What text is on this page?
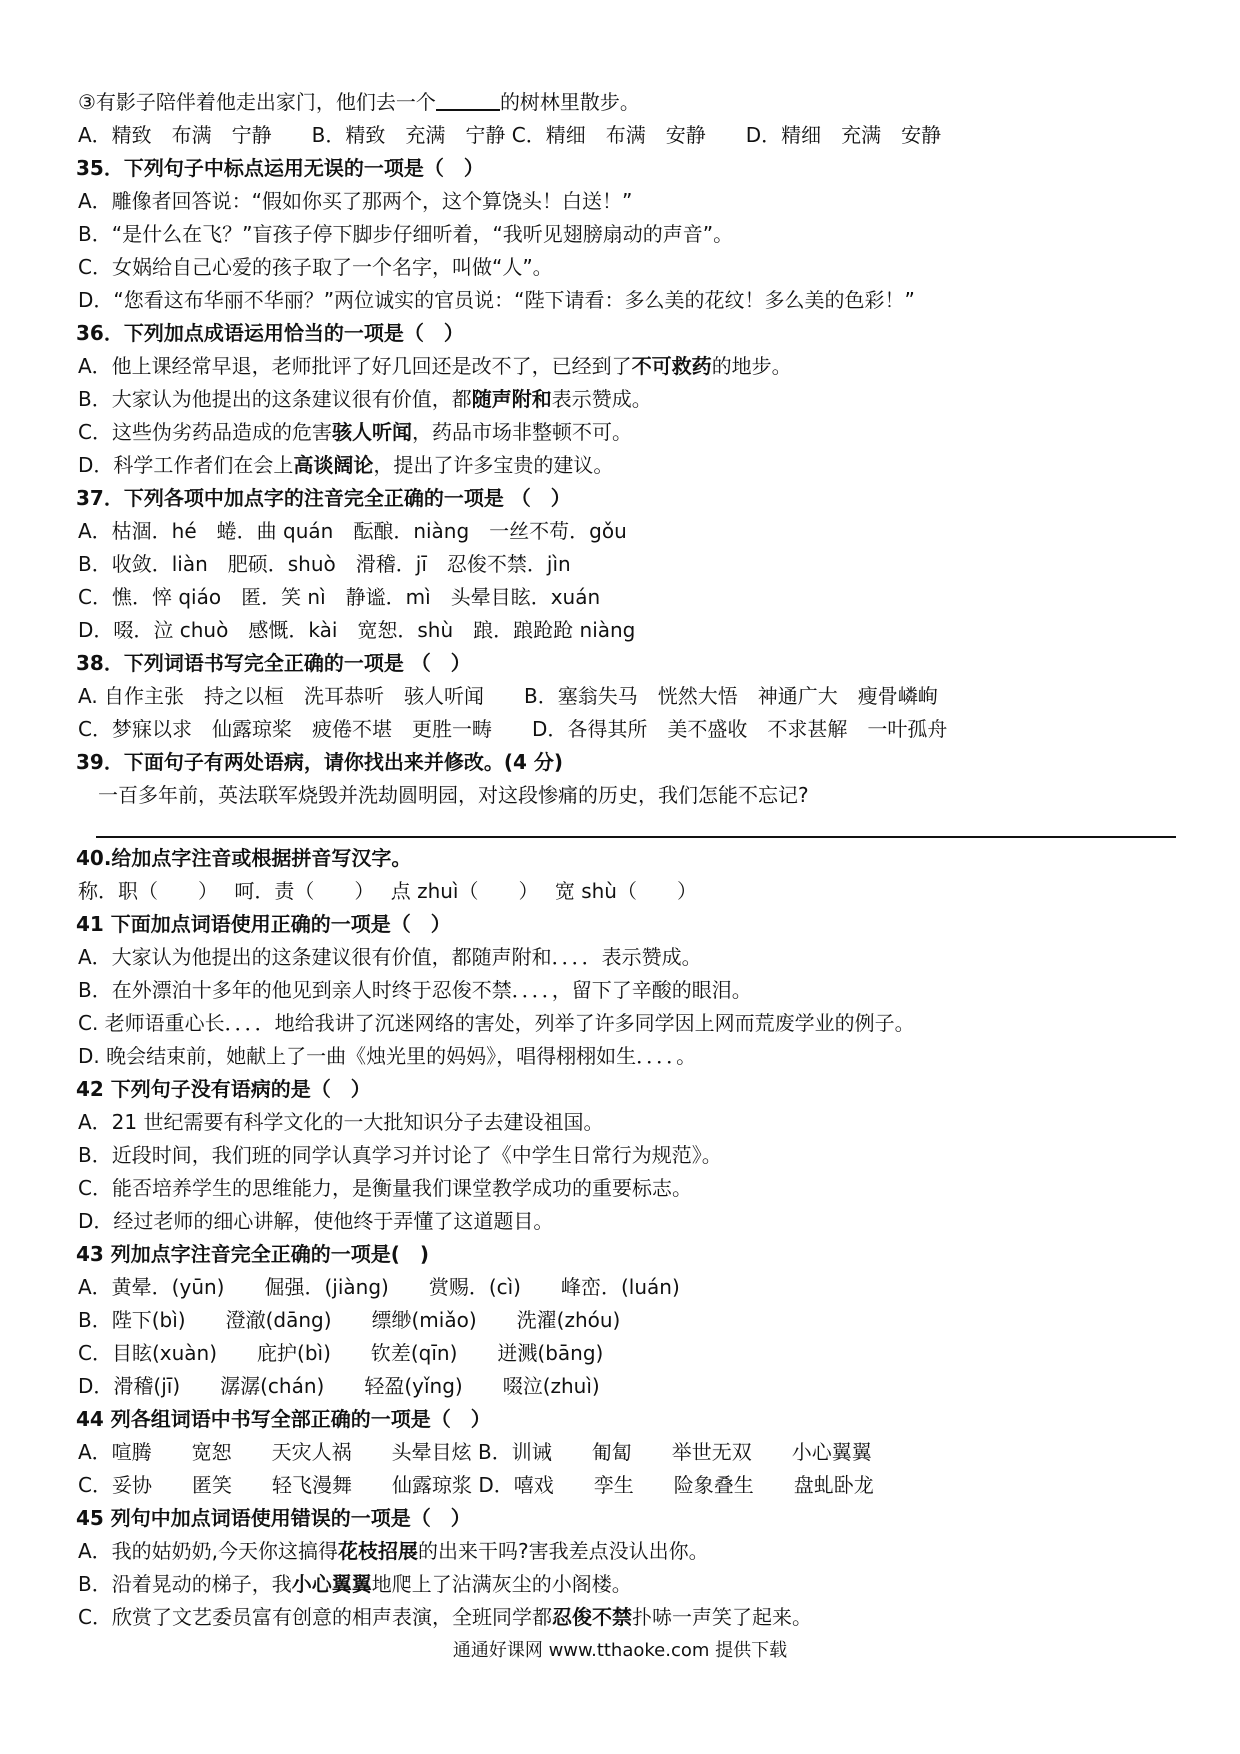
③有影子陪伴着他走出家门，他们去一个	的树林里散步。
A．精致　布满　宁静　　B．精致　充满　宁静 C．精细　布满　安静　　D．精细　充满　安静
35．下列句子中标点运用无误的一项是（　）
A．雕像者回答说：“假如你买了那两个，这个算饶头！白送！”
B．“是什么在飞？”盲孩子停下脚步仔细听着，“我听见翅膀扇动的声音”。
C．女娲给自己心爱的孩子取了一个名字，叫做“人”。
D．“您看这布华丽不华丽？”两位诚实的官员说：“陛下请看：多么美的花纹！多么美的色彩！”
36．下列加点成语运用恰当的一项是（　）
A．他上课经常早退，老师批评了好几回还是改不了，已经到了不可救药的地步。
B．大家认为他提出的这条建议很有价值，都随声附和表示赞成。
C．这些伪劣药品造成的危害骇人听闻，药品市场非整顿不可。
D．科学工作者们在会上高谈阔论，提出了许多宝贵的建议。
37．下列各项中加点字的注音完全正确的一项是 （　）
A．枯涸．hé　蜷．曲 quán　酝酿．niàng　一丝不苟．gǒu
B．收敛．liàn　肥硕．shuò　滑稽．jī　忍俊不禁．jìn
C．憔．悴 qiáo　匿．笑 nì　静谧．mì　头晕目眩．xuán
D．啜．泣 chuò　感慨．kài　宽恕．shù　踉．踉跄跄 niàng
38．下列词语书写完全正确的一项是 （　）
A. 自作主张　持之以桓　洗耳恭听　骇人听闻　　B．塞翁失马　恍然大悟　神通广大　瘦骨嶙峋
C．梦寐以求　仙露琼桨　疲倦不堪　更胜一畴　　D．各得其所　美不盛收　不求甚解　一叶孤舟
39．下面句子有两处语病，请你找出来并修改。(4 分)
　一百多年前，英法联军烧毁并洗劫圆明园，对这段惨痛的历史，我们怎能不忘记?
40.给加点字注音或根据拼音写汉字。
称．职（　　）　 呵．责（　　）　 点 zhuì（　　）　 宽 shù（　　）
41 下面加点词语使用正确的一项是（　）
A．大家认为他提出的这条建议很有价值，都随声附和．．．．表示赞成。
B．在外漂泊十多年的他见到亲人时终于忍俊不禁．．．．，留下了辛酸的眼泪。
C. 老师语重心长．．．．地给我讲了沉迷网络的害处，列举了许多同学因上网而荒废学业的例子。
D. 晚会结束前，她献上了一曲《烛光里的妈妈》，唱得栩栩如生．．．．。
42 下列句子没有语病的是（　）
A．21 世纪需要有科学文化的一大批知识分子去建设祖国。
B．近段时间，我们班的同学认真学习并讨论了《中学生日常行为规范》。
C．能否培养学生的思维能力，是衡量我们课堂教学成功的重要标志。
D．经过老师的细心讲解，使他终于弄懂了这道题目。
43 列加点字注音完全正确的一项是(　)
A．黄晕．(yūn)　　倔强．(jiàng)　　赏赐．(cì)　　峰峦．(luán)
B．陛下(bì)　　澄澈(dāng)　　缥缈(miǎo)　　洗濯(zhóu)
C．目眩(xuàn)　　庇护(bì)　　钦差(qīn)　　迸溅(bāng)
D．滑稽(jī)　　潺潺(chán)　　轻盈(yǐng)　　啜泣(zhuì)
44 列各组词语中书写全部正确的一项是（　）
A．喧腾　　宽恕　　天灾人祸　　头晕目炫 B．训诫　　匍匐　　举世无双　　小心翼翼
C．妥协　　匿笑　　轻飞漫舞　　仙露琼浆 D．嘻戏　　孪生　　险象叠生　　盘虬卧龙
45 列句中加点词语使用错误的一项是（　）
A．我的姑奶奶,今天你这搞得花枝招展的出来干吗?害我差点没认出你。
B．沿着晃动的梯子，我小心翼翼地爬上了沾满灰尘的小阁楼。
C．欣赏了文艺委员富有创意的相声表演，全班同学都忍俊不禁扑哧一声笑了起来。
通通好课网 www.tthaoke.com 提供下载
